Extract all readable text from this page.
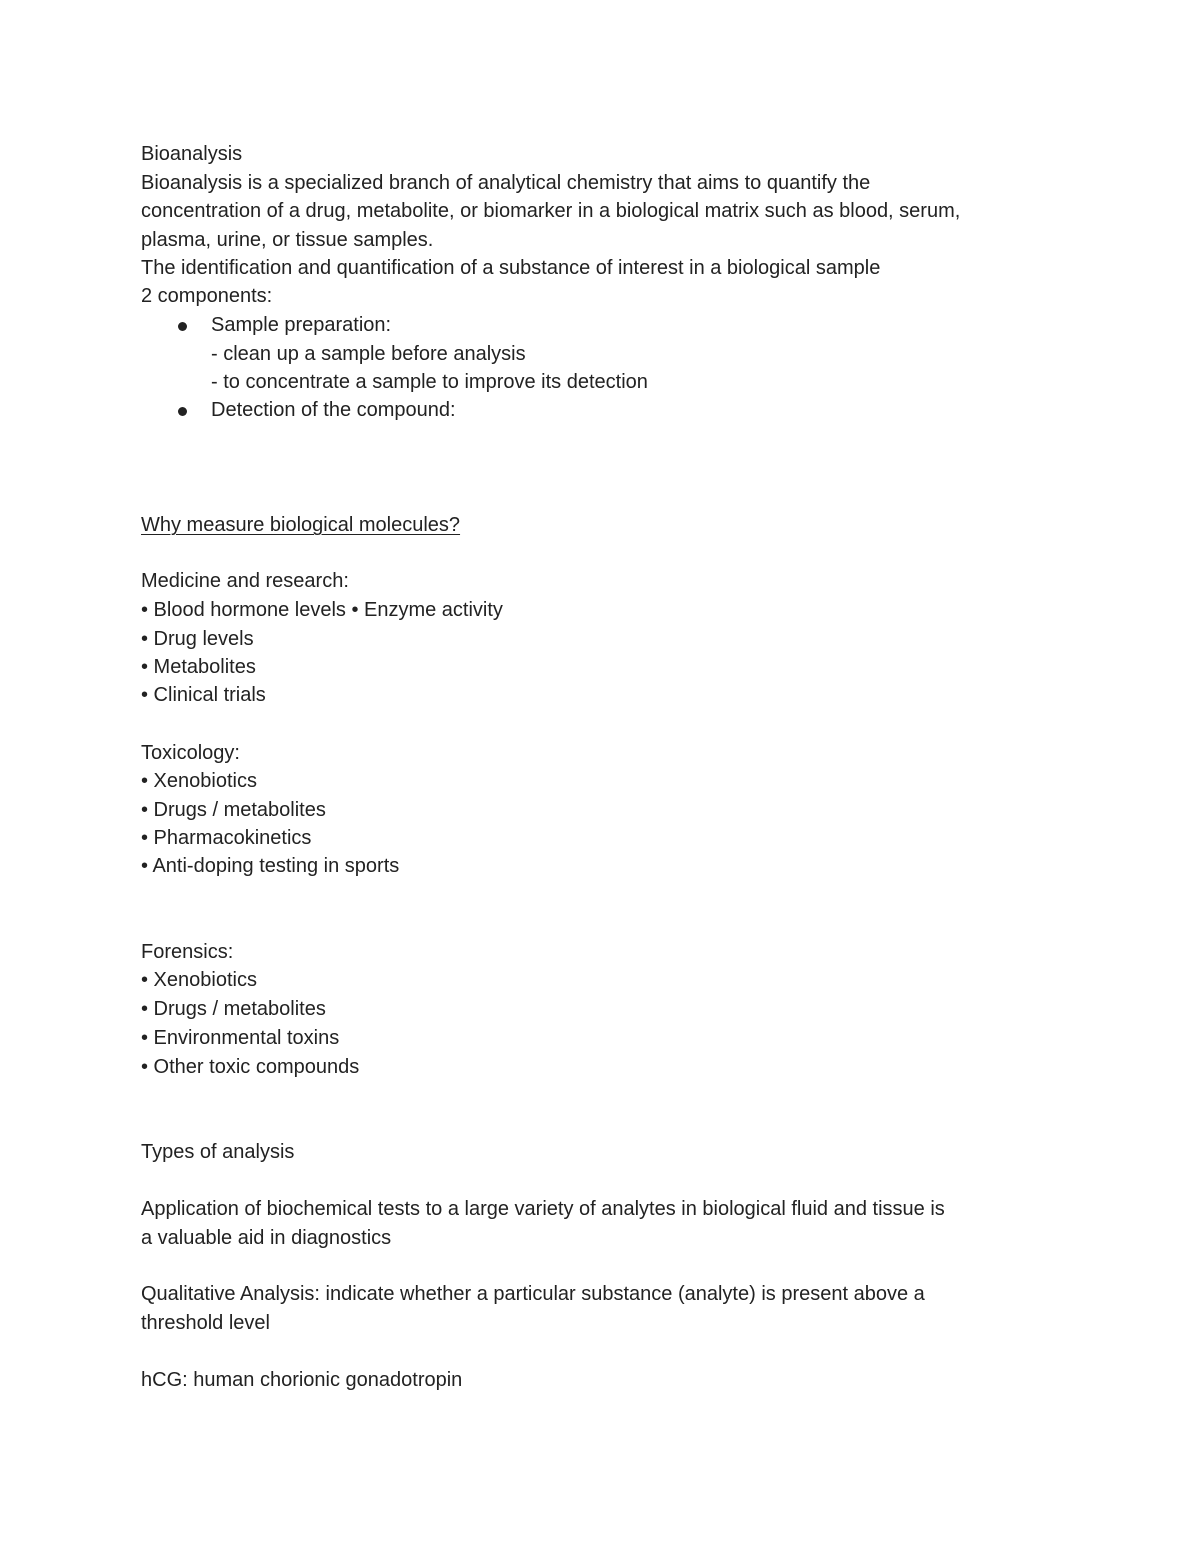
Bioanalysis

Bioanalysis is a specialized branch of analytical chemistry that aims to quantify the

concentration of a drug, metabolite, or biomarker in a biological matrix such as blood, serum,

plasma, urine, or tissue samples.

The identification and quantification of a substance of interest in a biological sample

2 components:

Sample preparation:

- clean up a sample before analysis

- to concentrate a sample to improve its detection

Detection of the compound:

Why measure biological molecules?

Medicine and research:

• Blood hormone levels • Enzyme activity

• Drug levels

• Metabolites

• Clinical trials

Toxicology:

• Xenobiotics

• Drugs / metabolites

• Pharmacokinetics

• Anti-doping testing in sports

Forensics:

• Xenobiotics

• Drugs / metabolites

• Environmental toxins

• Other toxic compounds

Types of analysis

Application of biochemical tests to a large variety of analytes in biological fluid and tissue is

a valuable aid in diagnostics

Qualitative Analysis: indicate whether a particular substance (analyte) is present above a

threshold level

hCG: human chorionic gonadotropin
